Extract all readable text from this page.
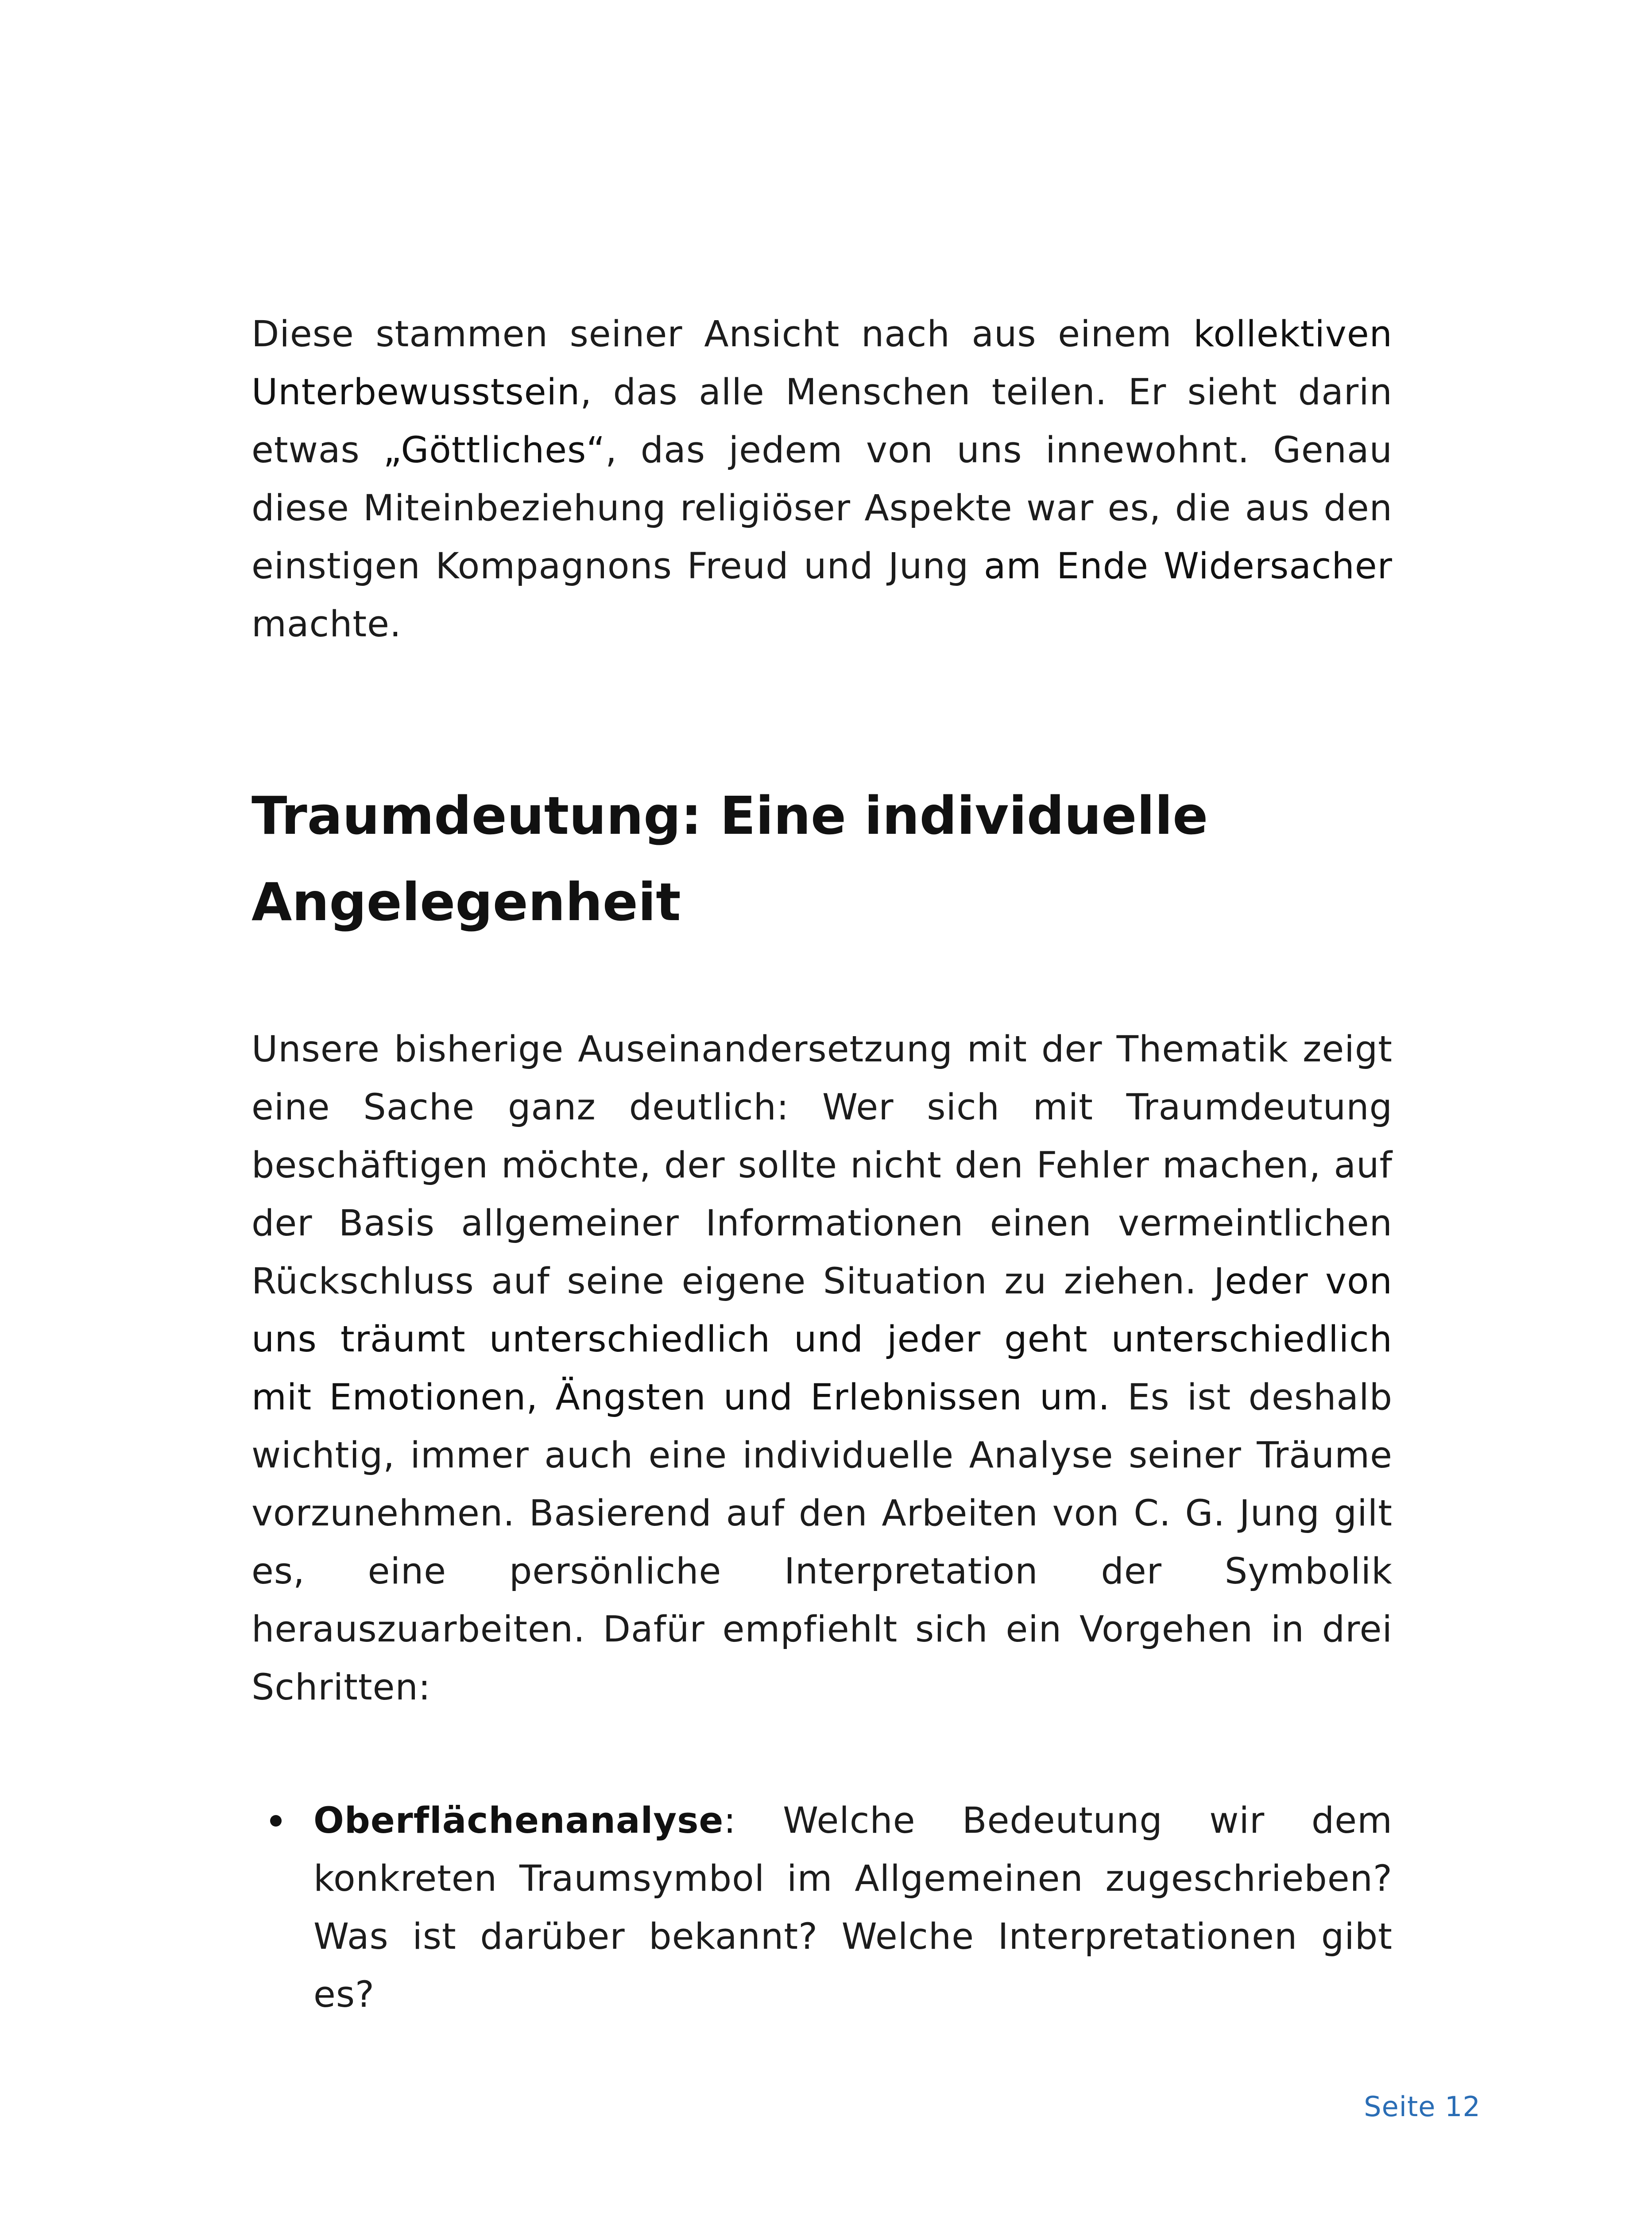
Diese stammen seiner Ansicht nach aus einem kollektiven Unterbewusstsein, das alle Menschen teilen. Er sieht darin etwas „Göttliches“, das jedem von uns innewohnt. Genau diese Miteinbeziehung religiöser Aspekte war es, die aus den einstigen Kompagnons Freud und Jung am Ende Widersacher machte.

Traumdeutung: Eine individuelle Angelegenheit

Unsere bisherige Auseinandersetzung mit der Thematik zeigt eine Sache ganz deutlich: Wer sich mit Traumdeutung beschäftigen möchte, der sollte nicht den Fehler machen, auf der Basis allgemeiner Informationen einen vermeintlichen Rückschluss auf seine eigene Situation zu ziehen. Jeder von uns träumt unterschiedlich und jeder geht unterschiedlich mit Emotionen, Ängsten und Erlebnissen um. Es ist deshalb wichtig, immer auch eine individuelle Analyse seiner Träume vorzunehmen. Basierend auf den Arbeiten von C. G. Jung gilt es, eine persönliche Interpretation der Symbolik herauszuarbeiten. Dafür empfiehlt sich ein Vorgehen in drei Schritten:

Oberflächenanalyse: Welche Bedeutung wir dem konkreten Traumsymbol im Allgemeinen zugeschrieben? Was ist darüber bekannt? Welche Interpretationen gibt es?
Seite 12
